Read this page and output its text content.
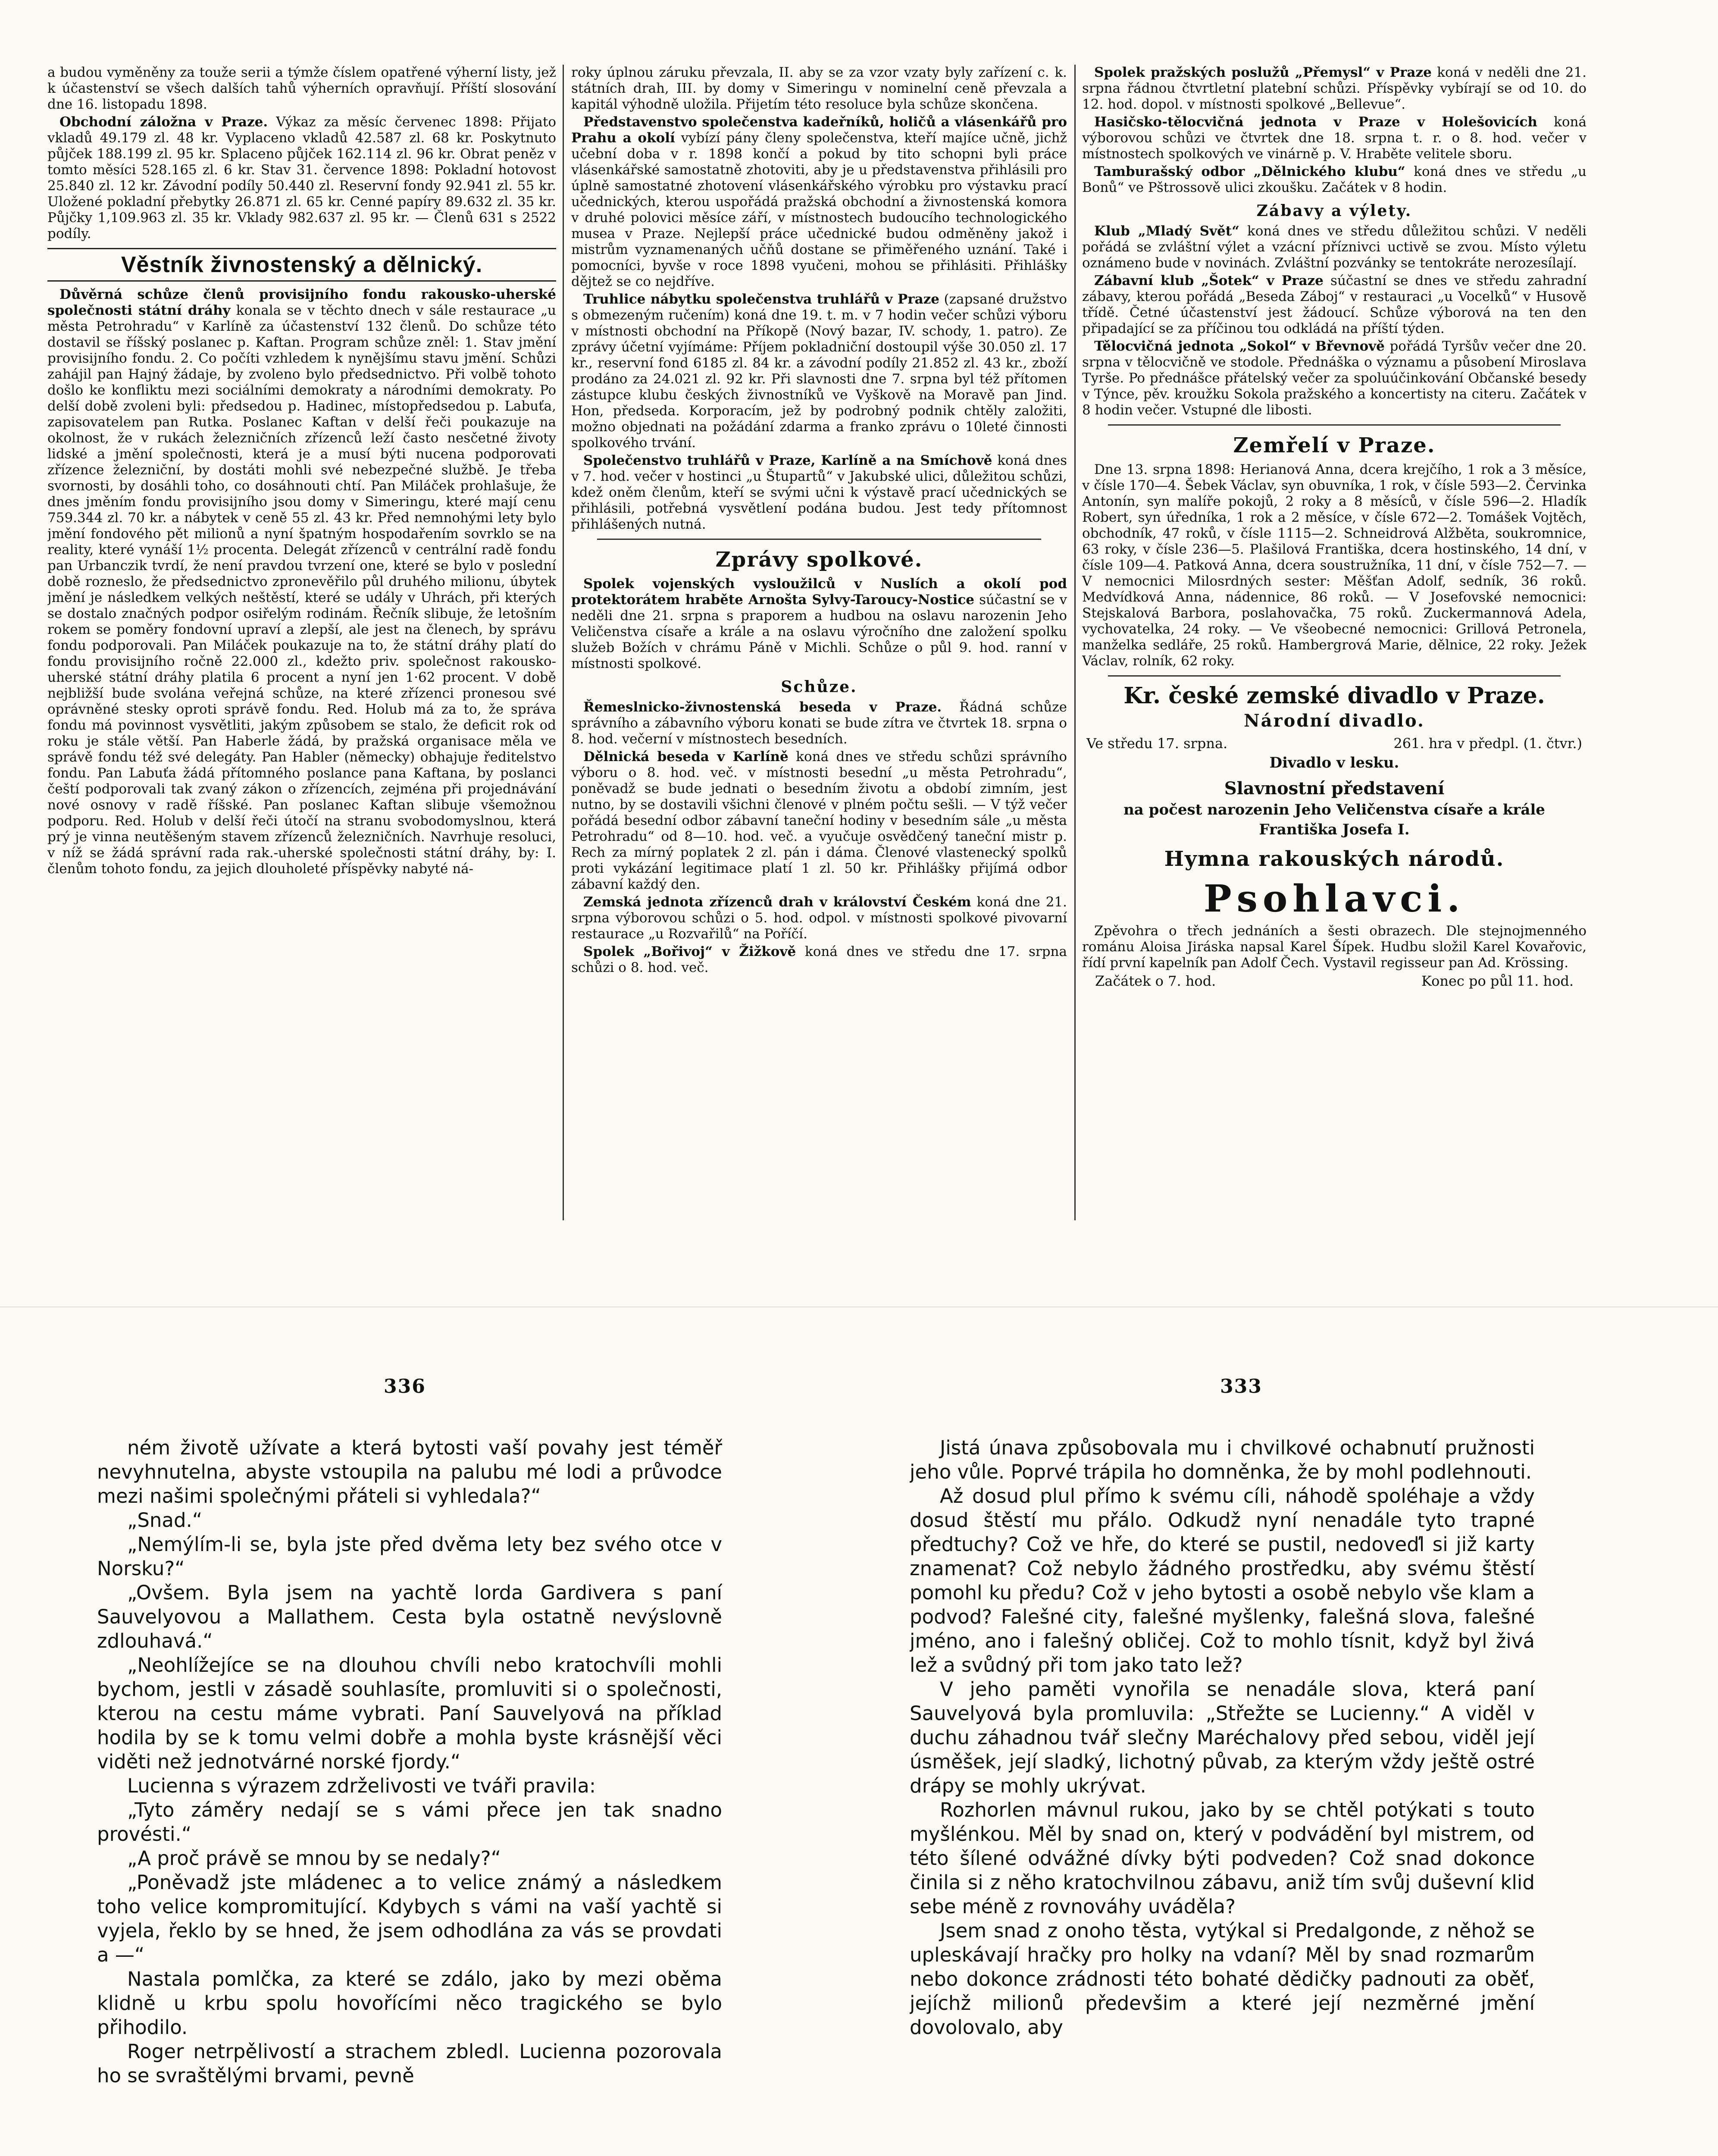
a budou vyměněny za touže serii a týmže číslem opatřené výherní listy, jež k účastenství se všech dalších tahů výherních opravňují. Příští slosování dne 16. listopadu 1898.

Obchodní záložna v Praze. Výkaz za měsíc červenec 1898: Přijato vkladů 49.179 zl. 48 kr. Vyplaceno vkladů 42.587 zl. 68 kr. Poskytnuto půjček 188.199 zl. 95 kr. Splaceno půjček 162.114 zl. 96 kr. Obrat peněz v tomto měsíci 528.165 zl. 6 kr. Stav 31. července 1898: Pokladní hotovost 25.840 zl. 12 kr. Závodní podíly 50.440 zl. Reservní fondy 92.941 zl. 55 kr. Uložené pokladní přebytky 26.871 zl. 65 kr. Cenné papíry 89.632 zl. 35 kr. Půjčky 1,109.963 zl. 35 kr. Vklady 982.637 zl. 95 kr. — Členů 631 s 2522 podíly.

Věstník živnostenský a dělnický.

Důvěrná schůze členů provisijního fondu rakousko-uherské společnosti státní dráhy konala se v těchto dnech v sále restaurace „u města Petrohradu“ v Karlíně za účastenství 132 členů. Do schůze této dostavil se říšský poslanec p. Kaftan. Program schůze zněl: 1. Stav jmění provisijního fondu. 2. Co počíti vzhledem k nynějšímu stavu jmění. Schůzi zahájil pan Hajný žádaje, by zvoleno bylo předsednictvo. Při volbě tohoto došlo ke konfliktu mezi sociálními demokraty a národními demokraty. Po delší době zvoleni byli: předsedou p. Hadinec, místopředsedou p. Labuťa, zapisovatelem pan Rutka. Poslanec Kaftan v delší řeči poukazuje na okolnost, že v rukách železničních zřízenců leží často nesčetné životy lidské a jmění společnosti, která je a musí býti nucena podporovati zřízence železniční, by dostáti mohli své nebezpečné službě. Je třeba svornosti, by dosáhli toho, co dosáhnouti chtí. Pan Miláček prohlašuje, že dnes jměním fondu provisijního jsou domy v Simeringu, které mají cenu 759.344 zl. 70 kr. a nábytek v ceně 55 zl. 43 kr. Před nemnohými lety bylo jmění fondového pět milionů a nyní špatným hospodařením sovrklo se na reality, které vynáší 1½ procenta. Delegát zřízenců v centrální radě fondu pan Urbanczik tvrdí, že není pravdou tvrzení one, které se bylo v poslední době rozneslo, že předsednictvo zpronevěřilo půl druhého milionu, úbytek jmění je následkem velkých neštěstí, které se udály v Uhrách, při kterých se dostalo značných podpor osiřelým rodinám. Řečník slibuje, že letošním rokem se poměry fondovní upraví a zlepší, ale jest na členech, by správu fondu podporovali. Pan Miláček poukazuje na to, že státní dráhy platí do fondu provisijního ročně 22.000 zl., kdežto priv. společnost rakousko-uherské státní dráhy platila 6 procent a nyní jen 1·62 procent. V době nejbližší bude svolána veřejná schůze, na které zřízenci pronesou své oprávněné stesky oproti správě fondu. Red. Holub má za to, že správa fondu má povinnost vysvětliti, jakým způsobem se stalo, že deficit rok od roku je stále větší. Pan Haberle žádá, by pražská organisace měla ve správě fondu též své delegáty. Pan Habler (německy) obhajuje ředitelstvo fondu. Pan Labuťa žádá přítomného poslance pana Kaftana, by poslanci čeští podporovali tak zvaný zákon o zřízencích, zejména při projednávání nové osnovy v radě říšské. Pan poslanec Kaftan slibuje všemožnou podporu. Red. Holub v delší řeči útočí na stranu svobodomyslnou, která prý je vinna neutěšeným stavem zřízenců železničních. Navrhuje resoluci, v níž se žádá správní rada rak.-uherské společnosti státní dráhy, by: I. členům tohoto fondu, za jejich dlouholeté příspěvky nabyté ná-

roky úplnou záruku převzala, II. aby se za vzor vzaty byly zařízení c. k. státních drah, III. by domy v Simeringu v nominelní ceně převzala a kapitál výhodně uložila. Přijetím této resoluce byla schůze skončena.

Představenstvo společenstva kadeřníků, holičů a vlásenkářů pro Prahu a okolí vybízí pány členy společenstva, kteří majíce učně, jichž učební doba v r. 1898 končí a pokud by tito schopni byli práce vlásenkářské samostatně zhotoviti, aby je u představenstva přihlásili pro úplně samostatné zhotovení vlásenkářského výrobku pro výstavku prací učednických, kterou uspořádá pražská obchodní a živnostenská komora v druhé polovici měsíce září, v místnostech budoucího technologického musea v Praze. Nejlepší práce učednické budou odměněny jakož i mistrům vyznamenaných učňů dostane se přiměřeného uznání. Také i pomocníci, byvše v roce 1898 vyučeni, mohou se přihlásiti. Přihlášky dějtež se co nejdříve.

Truhlice nábytku společenstva truhlářů v Praze (zapsané družstvo s obmezeným ručením) koná dne 19. t. m. v 7 hodin večer schůzi výboru v místnosti obchodní na Příkopě (Nový bazar, IV. schody, 1. patro). Ze zprávy účetní vyjímáme: Příjem pokladniční dostoupil výše 30.050 zl. 17 kr., reservní fond 6185 zl. 84 kr. a závodní podíly 21.852 zl. 43 kr., zboží prodáno za 24.021 zl. 92 kr. Při slavnosti dne 7. srpna byl též přítomen zástupce klubu českých živnostníků ve Vyškově na Moravě pan Jind. Hon, předseda. Korporacím, jež by podrobný podnik chtěly založiti, možno objednati na požádání zdarma a franko zprávu o 10leté činnosti spolkového trvání.

Společenstvo truhlářů v Praze, Karlíně a na Smíchově koná dnes v 7. hod. večer v hostinci „u Štupartů“ v Jakubské ulici, důležitou schůzi, kdež oněm členům, kteří se svými učni k výstavě prací učednických se přihlásili, potřebná vysvětlení podána budou. Jest tedy přítomnost přihlášených nutná.

Zprávy spolkové.

Spolek vojenských vysloužilců v Nuslích a okolí pod protektorátem hraběte Arnošta Sylvy-Taroucy-Nostice súčastní se v neděli dne 21. srpna s praporem a hudbou na oslavu narozenin Jeho Veličenstva císaře a krále a na oslavu výročního dne založení spolku služeb Božích v chrámu Páně v Michli. Schůze o půl 9. hod. ranní v místnosti spolkové.

Schůze.

Řemeslnicko-živnostenská beseda v Praze. Řádná schůze správního a zábavního výboru konati se bude zítra ve čtvrtek 18. srpna o 8. hod. večerní v místnostech besedních.

Dělnická beseda v Karlíně koná dnes ve středu schůzi správního výboru o 8. hod. več. v místnosti besední „u města Petrohradu“, poněvadž se bude jednati o besedním životu a období zimním, jest nutno, by se dostavili všichni členové v plném počtu sešli. — V týž večer pořádá besední odbor zábavní taneční hodiny v besedním sále „u města Petrohradu“ od 8—10. hod. več. a vyučuje osvědčený taneční mistr p. Rech za mírný poplatek 2 zl. pán i dáma. Členové vlastenecký spolků proti vykázání legitimace platí 1 zl. 50 kr. Přihlášky přijímá odbor zábavní každý den.

Zemská jednota zřízenců drah v království Českém koná dne 21. srpna výborovou schůzi o 5. hod. odpol. v místnosti spolkové pivovarní restaurace „u Rozvařilů“ na Poříčí.

Spolek „Bořivoj“ v Žižkově koná dnes ve středu dne 17. srpna schůzi o 8. hod. več.

Spolek pražských poslužů „Přemysl“ v Praze koná v neděli dne 21. srpna řádnou čtvrtletní platební schůzi. Příspěvky vybírají se od 10. do 12. hod. dopol. v místnosti spolkové „Bellevue“.

Hasičsko-tělocvičná jednota v Praze v Holešovicích koná výborovou schůzi ve čtvrtek dne 18. srpna t. r. o 8. hod. večer v místnostech spolkových ve vinárně p. V. Hraběte velitele sboru.

Tamburašský odbor „Dělnického klubu“ koná dnes ve středu „u Bonů“ ve Pštrossově ulici zkoušku. Začátek v 8 hodin.

Zábavy a výlety.

Klub „Mladý Svět“ koná dnes ve středu důležitou schůzi. V neděli pořádá se zvláštní výlet a vzácní příznivci uctivě se zvou. Místo výletu oznámeno bude v novinách. Zvláštní pozvánky se tentokráte nerozesílají.

Zábavní klub „Šotek“ v Praze súčastní se dnes ve středu zahradní zábavy, kterou pořádá „Beseda Záboj“ v restauraci „u Vocelků“ v Husově třídě. Četné účastenství jest žádoucí. Schůze výborová na ten den připadající se za příčinou tou odkládá na příští týden.

Tělocvičná jednota „Sokol“ v Břevnově pořádá Tyršův večer dne 20. srpna v tělocvičně ve stodole. Přednáška o významu a působení Miroslava Tyrše. Po přednášce přátelský večer za spoluúčinkování Občanské besedy v Týnce, pěv. kroužku Sokola pražského a koncertisty na citeru. Začátek v 8 hodin večer. Vstupné dle libosti.

Zemřelí v Praze.

Dne 13. srpna 1898: Herianová Anna, dcera krejčího, 1 rok a 3 měsíce, v čísle 170—4. Šebek Václav, syn obuvníka, 1 rok, v čísle 593—2. Červinka Antonín, syn malíře pokojů, 2 roky a 8 měsíců, v čísle 596—2. Hladík Robert, syn úředníka, 1 rok a 2 měsíce, v čísle 672—2. Tomášek Vojtěch, obchodník, 47 roků, v čísle 1115—2. Schneidrová Alžběta, soukromnice, 63 roky, v čísle 236—5. Plašilová Františka, dcera hostinského, 14 dní, v čísle 109—4. Patková Anna, dcera soustružníka, 11 dní, v čísle 752—7. — V nemocnici Milosrdných sester: Měšťan Adolf, sedník, 36 roků. Medvídková Anna, nádennice, 86 roků. — V Josefovské nemocnici: Stejskalová Barbora, poslahovačka, 75 roků. Zuckermannová Adela, vychovatelka, 24 roky. — Ve všeobecné nemocnici: Grillová Petronela, manželka sedláře, 25 roků. Hambergrová Marie, dělnice, 22 roky. Ježek Václav, rolník, 62 roky.

Kr. české zemské divadlo v Praze.
Národní divadlo.
Ve středu 17. srpna.	261. hra v předpl. (1. čtvr.)
Divadlo v lesku.
Slavnostní představení
na počest narozenin Jeho Veličenstva císaře a krále
Františka Josefa I.
Hymna rakouských národů.
Psohlavci.

Zpěvohra o třech jednáních a šesti obrazech. Dle stejnojmenného románu Aloisa Jiráska napsal Karel Šípek. Hudbu složil Karel Kovařovic, řídí první kapelník pan Adolf Čech. Vystavil regisseur pan Ad. Krössing.

Začátek o 7. hod.	Konec po půl 11. hod.
336	333

ném životě užívate a která bytosti vaší povahy jest téměř nevyhnutelna, abyste vstoupila na palubu mé lodi a průvodce mezi našimi společnými přáteli si vyhledala?“

„Snad.“

„Nemýlím-li se, byla jste před dvěma lety bez svého otce v Norsku?“

„Ovšem. Byla jsem na yachtě lorda Gardivera s paní Sauvelyovou a Mallathem. Cesta byla ostatně nevýslovně zdlouhavá.“

„Neohlížejíce se na dlouhou chvíli nebo kratochvíli mohli bychom, jestli v zásadě souhlasíte, promluviti si o společnosti, kterou na cestu máme vybrati. Paní Sauvelyová na příklad hodila by se k tomu velmi dobře a mohla byste krásnější věci viděti než jednotvárné norské fjordy.“

Lucienna s výrazem zdrželivosti ve tváři pravila:

„Tyto záměry nedají se s vámi přece jen tak snadno provésti.“

„A proč právě se mnou by se nedaly?“

„Poněvadž jste mládenec a to velice známý a následkem toho velice kompromitující. Kdybych s vámi na vaší yachtě si vyjela, řeklo by se hned, že jsem odhodlána za vás se provdati a —“

Nastala pomlčka, za které se zdálo, jako by mezi oběma klidně u krbu spolu hovořícími něco tragického se bylo přihodilo.

Roger netrpělivostí a strachem zbledl. Lucienna pozorovala ho se svraštělými brvami, pevně

Jistá únava způsobovala mu i chvilkové ochabnutí pružnosti jeho vůle. Poprvé trápila ho domněnka, že by mohl podlehnouti.

Až dosud plul přímo k svému cíli, náhodě spoléhaje a vždy dosud štěstí mu přálo. Odkudž nyní nenadále tyto trapné předtuchy? Což ve hře, do které se pustil, nedoveďl si již karty znamenat? Což nebylo žádného prostředku, aby svému štěstí pomohl ku předu? Což v jeho bytosti a osobě nebylo vše klam a podvod? Falešné city, falešné myšlenky, falešná slova, falešné jméno, ano i falešný obličej. Což to mohlo tísnit, když byl živá lež a svůdný při tom jako tato lež?

V jeho paměti vynořila se nenadále slova, která paní Sauvelyová byla promluvila: „Střežte se Lucienny.“ A viděl v duchu záhadnou tvář slečny Maréchalovy před sebou, viděl její úsměšek, její sladký, lichotný půvab, za kterým vždy ještě ostré drápy se mohly ukrývat.

Rozhorlen mávnul rukou, jako by se chtěl potýkati s touto myšlénkou. Měl by snad on, který v podvádění byl mistrem, od této šílené odvážné dívky býti podveden? Což snad dokonce činila si z něho kratochvilnou zábavu, aniž tím svůj duševní klid sebe méně z rovnováhy uváděla?

Jsem snad z onoho těsta, vytýkal si Predalgonde, z něhož se upleskávají hračky pro holky na vdaní? Měl by snad rozmarům nebo dokonce zrádnosti této bohaté dědičky padnouti za oběť, jejíchž milionů předevšim a které její nezměrné jmění dovolovalo, aby
